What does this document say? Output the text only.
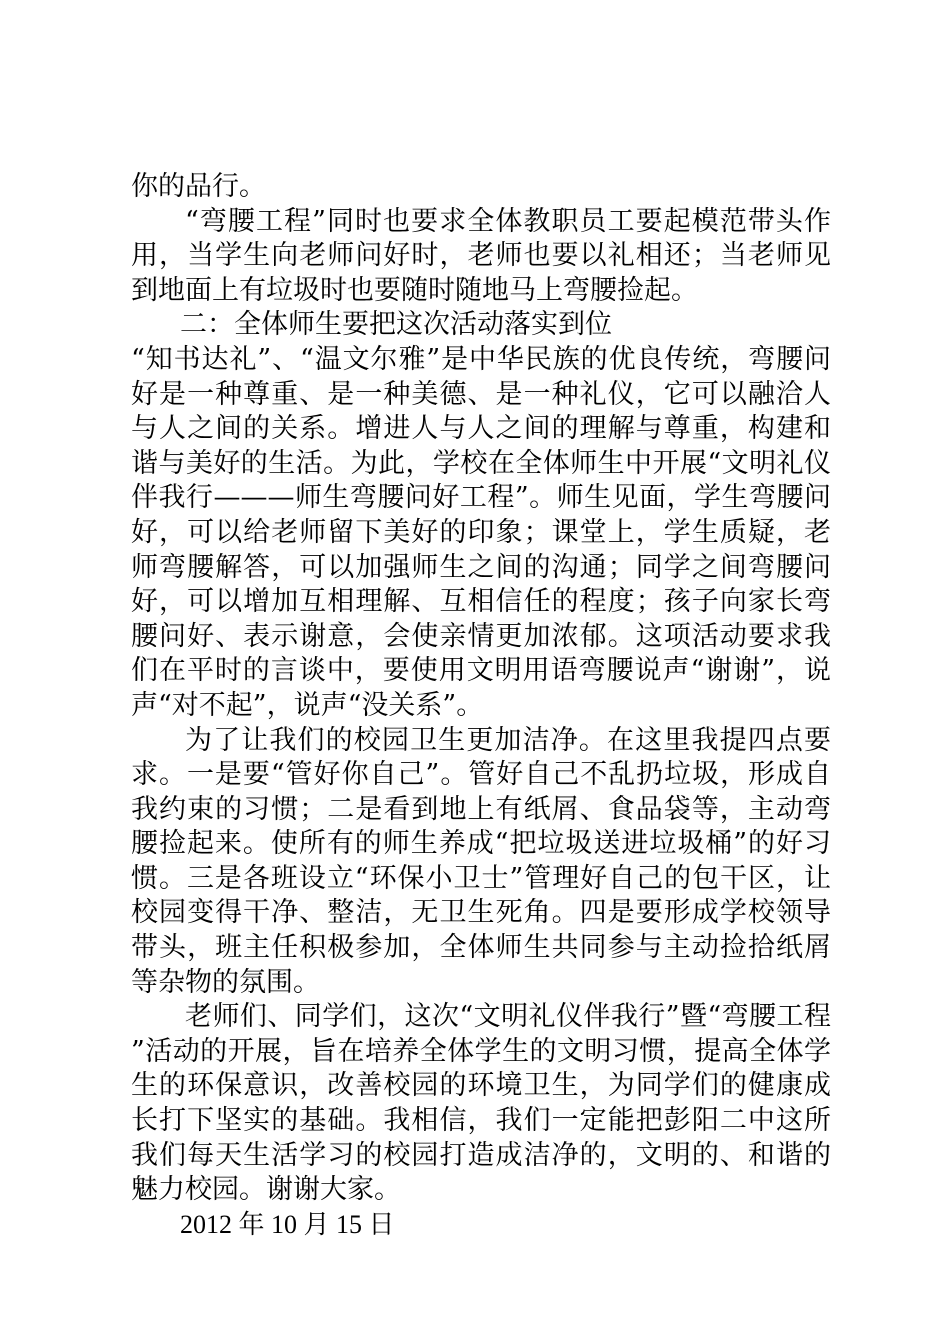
你的品行。

“弯腰工程”同时也要求全体教职员工要起模范带头作用，当学生向老师问好时，老师也要以礼相还；当老师见到地面上有垃圾时也要随时随地马上弯腰捡起。

二：全体师生要把这次活动落实到位

“知书达礼”、“温文尔雅”是中华民族的优良传统，弯腰问好是一种尊重、是一种美德、是一种礼仪，它可以融洽人与人之间的关系。增进人与人之间的理解与尊重，构建和谐与美好的生活。为此，学校在全体师生中开展“文明礼仪伴我行———师生弯腰问好工程”。师生见面，学生弯腰问好，可以给老师留下美好的印象；课堂上，学生质疑，老师弯腰解答，可以加强师生之间的沟通；同学之间弯腰问好，可以增加互相理解、互相信任的程度；孩子向家长弯腰问好、表示谢意，会使亲情更加浓郁。这项活动要求我们在平时的言谈中，要使用文明用语弯腰说声“谢谢”，说声“对不起”，说声“没关系”。

为了让我们的校园卫生更加洁净。在这里我提四点要求。一是要“管好你自己”。管好自己不乱扔垃圾，形成自我约束的习惯；二是看到地上有纸屑、食品袋等，主动弯腰捡起来。使所有的师生养成“把垃圾送进垃圾桶”的好习惯。三是各班设立“环保小卫士”管理好自己的包干区，让校园变得干净、整洁，无卫生死角。四是要形成学校领导带头，班主任积极参加，全体师生共同参与主动捡拾纸屑等杂物的氛围。

老师们、同学们，这次“文明礼仪伴我行”暨“弯腰工程”活动的开展，旨在培养全体学生的文明习惯，提高全体学生的环保意识，改善校园的环境卫生，为同学们的健康成长打下坚实的基础。我相信，我们一定能把彭阳二中这所我们每天生活学习的校园打造成洁净的，文明的、和谐的魅力校园。谢谢大家。

2012 年 10 月 15 日
